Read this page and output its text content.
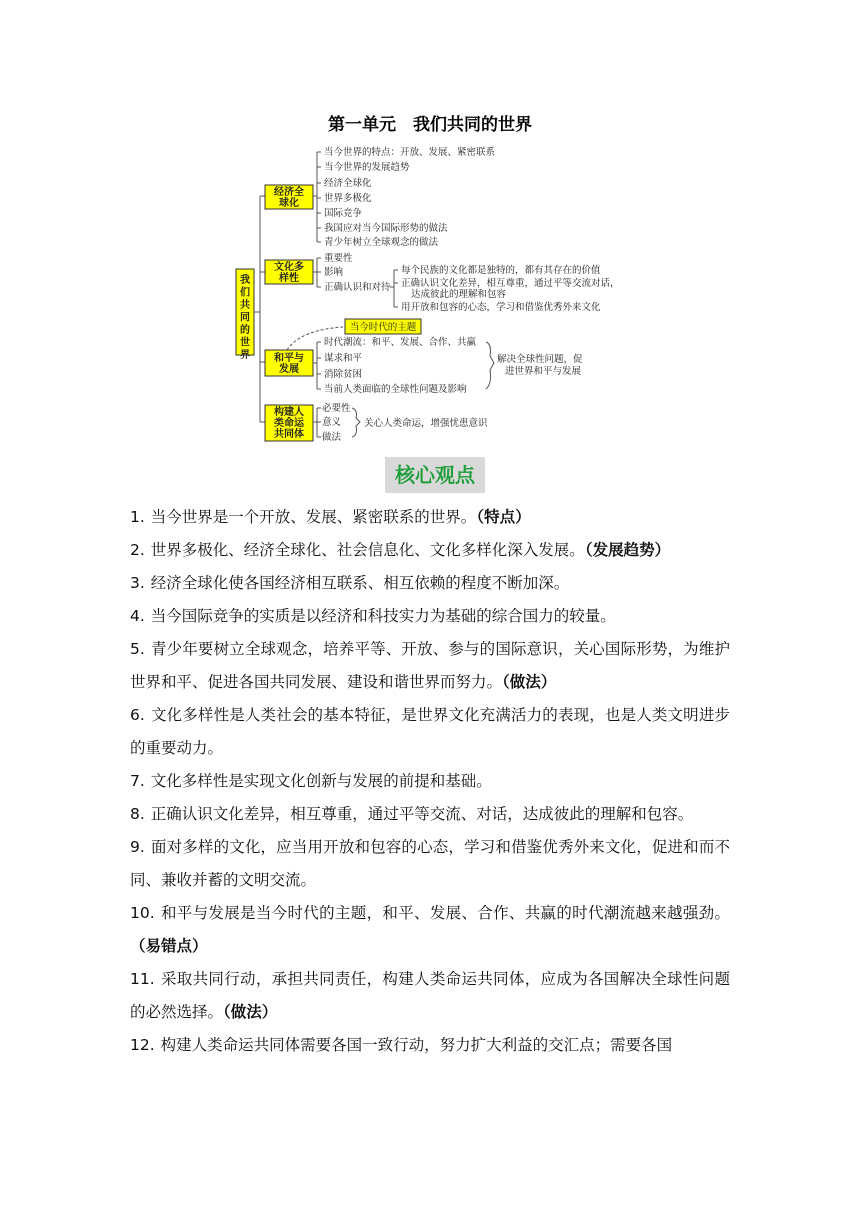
第一单元　我们共同的世界
我们共同的世界
经济全球化
文化多样性
和平与发展
构建人类命运共同体
当今世界的特点：开放、发展、紧密联系
当今世界的发展趋势
经济全球化
世界多极化
国际竞争
我国应对当今国际形势的做法
青少年树立全球观念的做法
重要性
影响
正确认识和对待
每个民族的文化都是独特的，都有其存在的价值
正确认识文化差异，相互尊重，通过平等交流对话，
达成彼此的理解和包容
用开放和包容的心态，学习和借鉴优秀外来文化
当今时代的主题
时代潮流：和平、发展、合作、共赢
谋求和平
消除贫困
当前人类面临的全球性问题及影响
解决全球性问题，促
进世界和平与发展
必要性
意义
做法
关心人类命运，增强忧患意识
核心观点
1. 当今世界是一个开放、发展、紧密联系的世界。（特点）
2. 世界多极化、经济全球化、社会信息化、文化多样化深入发展。（发展趋势）
3. 经济全球化使各国经济相互联系、相互依赖的程度不断加深。
4. 当今国际竞争的实质是以经济和科技实力为基础的综合国力的较量。
5. 青少年要树立全球观念，培养平等、开放、参与的国际意识，关心国际形势，为维护世界和平、促进各国共同发展、建设和谐世界而努力。（做法）
6. 文化多样性是人类社会的基本特征，是世界文化充满活力的表现，也是人类文明进步的重要动力。
7. 文化多样性是实现文化创新与发展的前提和基础。
8. 正确认识文化差异，相互尊重，通过平等交流、对话，达成彼此的理解和包容。
9. 面对多样的文化，应当用开放和包容的心态，学习和借鉴优秀外来文化，促进和而不同、兼收并蓄的文明交流。
10. 和平与发展是当今时代的主题，和平、发展、合作、共赢的时代潮流越来越强劲。（易错点）
11. 采取共同行动，承担共同责任，构建人类命运共同体，应成为各国解决全球性问题的必然选择。（做法）
12. 构建人类命运共同体需要各国一致行动，努力扩大利益的交汇点；需要各国
